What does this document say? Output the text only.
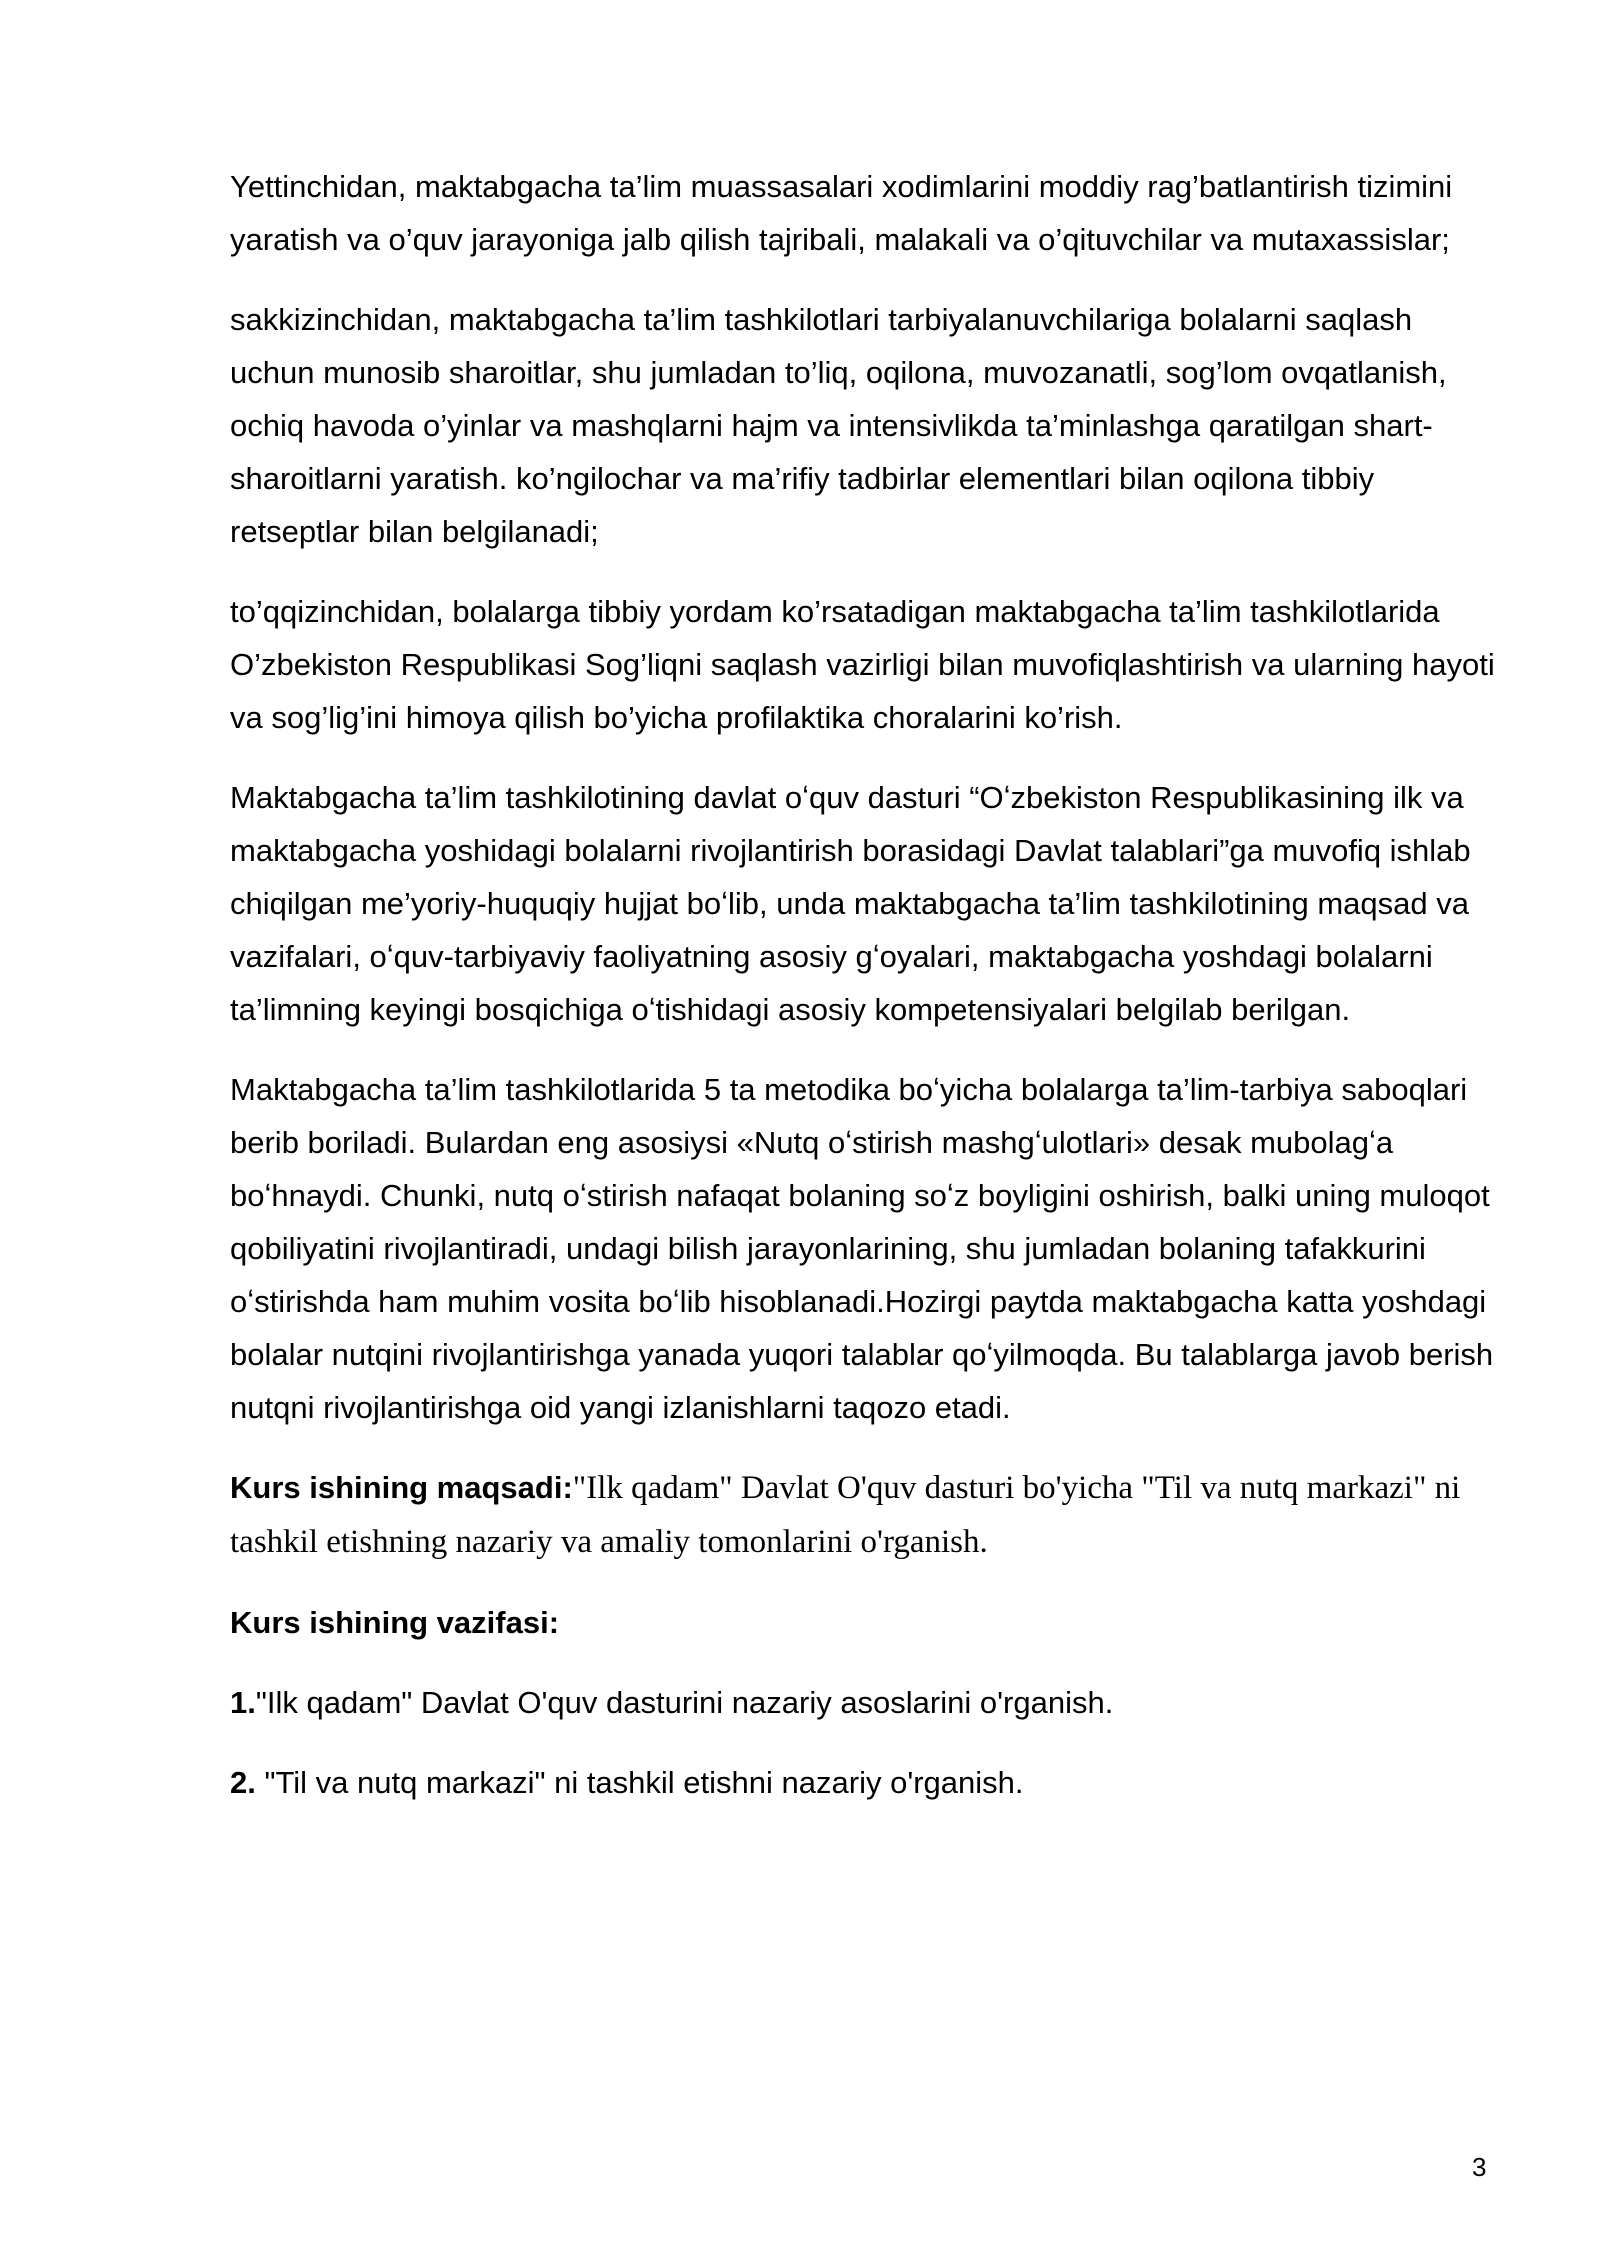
Yettinchidan, maktabgacha ta’lim muassasalari xodimlarini moddiy rag’batlantirish tizimini yaratish va o’quv jarayoniga jalb qilish tajribali, malakali va o’qituvchilar va mutaxassislar;

sakkizinchidan, maktabgacha ta’lim tashkilotlari tarbiyalanuvchilariga bolalarni saqlash uchun munosib sharoitlar, shu jumladan to’liq, oqilona, muvozanatli, sog’lom ovqatlanish, ochiq havoda o’yinlar va mashqlarni hajm va intensivlikda ta’minlashga qaratilgan shart-sharoitlarni yaratish. ko’ngilochar va ma’rifiy tadbirlar elementlari bilan oqilona tibbiy retseptlar bilan belgilanadi;

to’qqizinchidan, bolalarga tibbiy yordam ko’rsatadigan maktabgacha ta’lim tashkilotlarida O’zbekiston Respublikasi Sog’liqni saqlash vazirligi bilan muvofiqlashtirish va ularning hayoti va sog’lig’ini himoya qilish bo’yicha profilaktika choralarini ko’rish.

Maktabgacha ta’lim tashkilotining davlat oʻquv dasturi “Oʻzbekiston Respublikasining ilk va maktabgacha yoshidagi bolalarni rivojlantirish borasidagi Davlat talablari”ga muvofiq ishlab chiqilgan me’yoriy-huquqiy hujjat boʻlib, unda maktabgacha ta’lim tashkilotining maqsad va vazifalari, oʻquv-tarbiyaviy faoliyatning asosiy gʻoyalari, maktabgacha yoshdagi bolalarni ta’limning keyingi bosqichiga oʻtishidagi asosiy kompetensiyalari belgilab berilgan.

Maktabgacha ta’lim tashkilotlarida 5 ta metodika boʻyicha bolalarga ta’lim-tarbiya saboqlari berib boriladi. Bulardan eng asosiysi «Nutq oʻstirish mashgʻulotlari» desak mubolagʻa boʻhnaydi. Chunki, nutq oʻstirish nafaqat bolaning soʻz boyligini oshirish, balki uning muloqot qobiliyatini rivojlantiradi, undagi bilish jarayonlarining, shu jumladan bolaning tafakkurini oʻstirishda ham muhim vosita boʻlib hisoblanadi.Hozirgi paytda maktabgacha katta yoshdagi bolalar nutqini rivojlantirishga yanada yuqori talablar qoʻyilmoqda. Bu talablarga javob berish nutqni rivojlantirishga oid yangi izlanishlarni taqozo etadi.

Kurs ishining maqsadi:"Ilk qadam" Davlat O'quv dasturi bo'yicha "Til va nutq markazi" ni tashkil etishning nazariy va amaliy tomonlarini o'rganish.

Kurs ishining vazifasi:

1."Ilk qadam" Davlat O'quv dasturini nazariy asoslarini o'rganish.

2. "Til va nutq markazi" ni tashkil etishni nazariy o'rganish.

3
